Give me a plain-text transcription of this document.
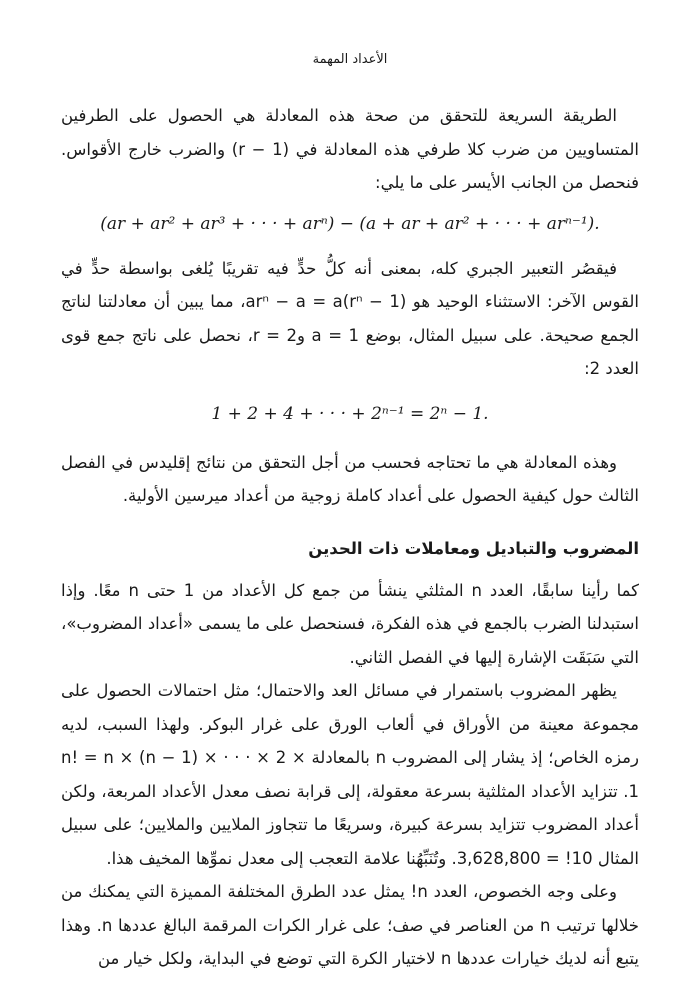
الأعداد المهمة

الطريقة السريعة للتحقق من صحة هذه المعادلة هي الحصول على الطرفين المتساويين من ضرب كلا طرفي هذه المعادلة في (r − 1) والضرب خارج الأقواس. فنحصل من الجانب الأيسر على ما يلي:

(ar + ar² + ar³ + · · · + arⁿ) − (a + ar + ar² + · · · + arⁿ⁻¹).

فيقصُر التعبير الجبري كله، بمعنى أنه كلُّ حدٍّ فيه تقريبًا يُلغى بواسطة حدٍّ في القوس الآخر: الاستثناء الوحيد هو arⁿ − a = a(rⁿ − 1)، مما يبين أن معادلتنا لناتج الجمع صحيحة. على سبيل المثال، بوضع a = 1 وr = 2، نحصل على ناتج جمع قوى العدد 2:

1 + 2 + 4 + · · · + 2ⁿ⁻¹ = 2ⁿ − 1.

وهذه المعادلة هي ما تحتاجه فحسب من أجل التحقق من نتائج إقليدس في الفصل الثالث حول كيفية الحصول على أعداد كاملة زوجية من أعداد ميرسين الأولية.

المضروب والتباديل ومعاملات ذات الحدين

كما رأينا سابقًا، العدد n المثلثي ينشأ من جمع كل الأعداد من 1 حتى n معًا. وإذا استبدلنا الضرب بالجمع في هذه الفكرة، فسنحصل على ما يسمى «أعداد المضروب»، التي سَبَقَت الإشارة إليها في الفصل الثاني.

يظهر المضروب باستمرار في مسائل العد والاحتمال؛ مثل احتمالات الحصول على مجموعة معينة من الأوراق في ألعاب الورق على غرار البوكر. ولهذا السبب، لديه رمزه الخاص؛ إذ يشار إلى المضروب n بالمعادلة n! = n × (n − 1) × · · · × 2 × 1. تتزايد الأعداد المثلثية بسرعة معقولة، إلى قرابة نصف معدل الأعداد المربعة، ولكن أعداد المضروب تتزايد بسرعة كبيرة، وسريعًا ما تتجاوز الملايين والملايين؛ على سبيل المثال 10! = 3,628,800. وتُنَبِّهُنا علامة التعجب إلى معدل نموِّها المخيف هذا.

وعلى وجه الخصوص، العدد n! يمثل عدد الطرق المختلفة المميزة التي يمكنك من خلالها ترتيب n من العناصر في صف؛ على غرار الكرات المرقمة البالغ عددها n. وهذا يتبع أنه لديك خيارات عددها n لاختيار الكرة التي توضع في البداية، ولكل خيار من
